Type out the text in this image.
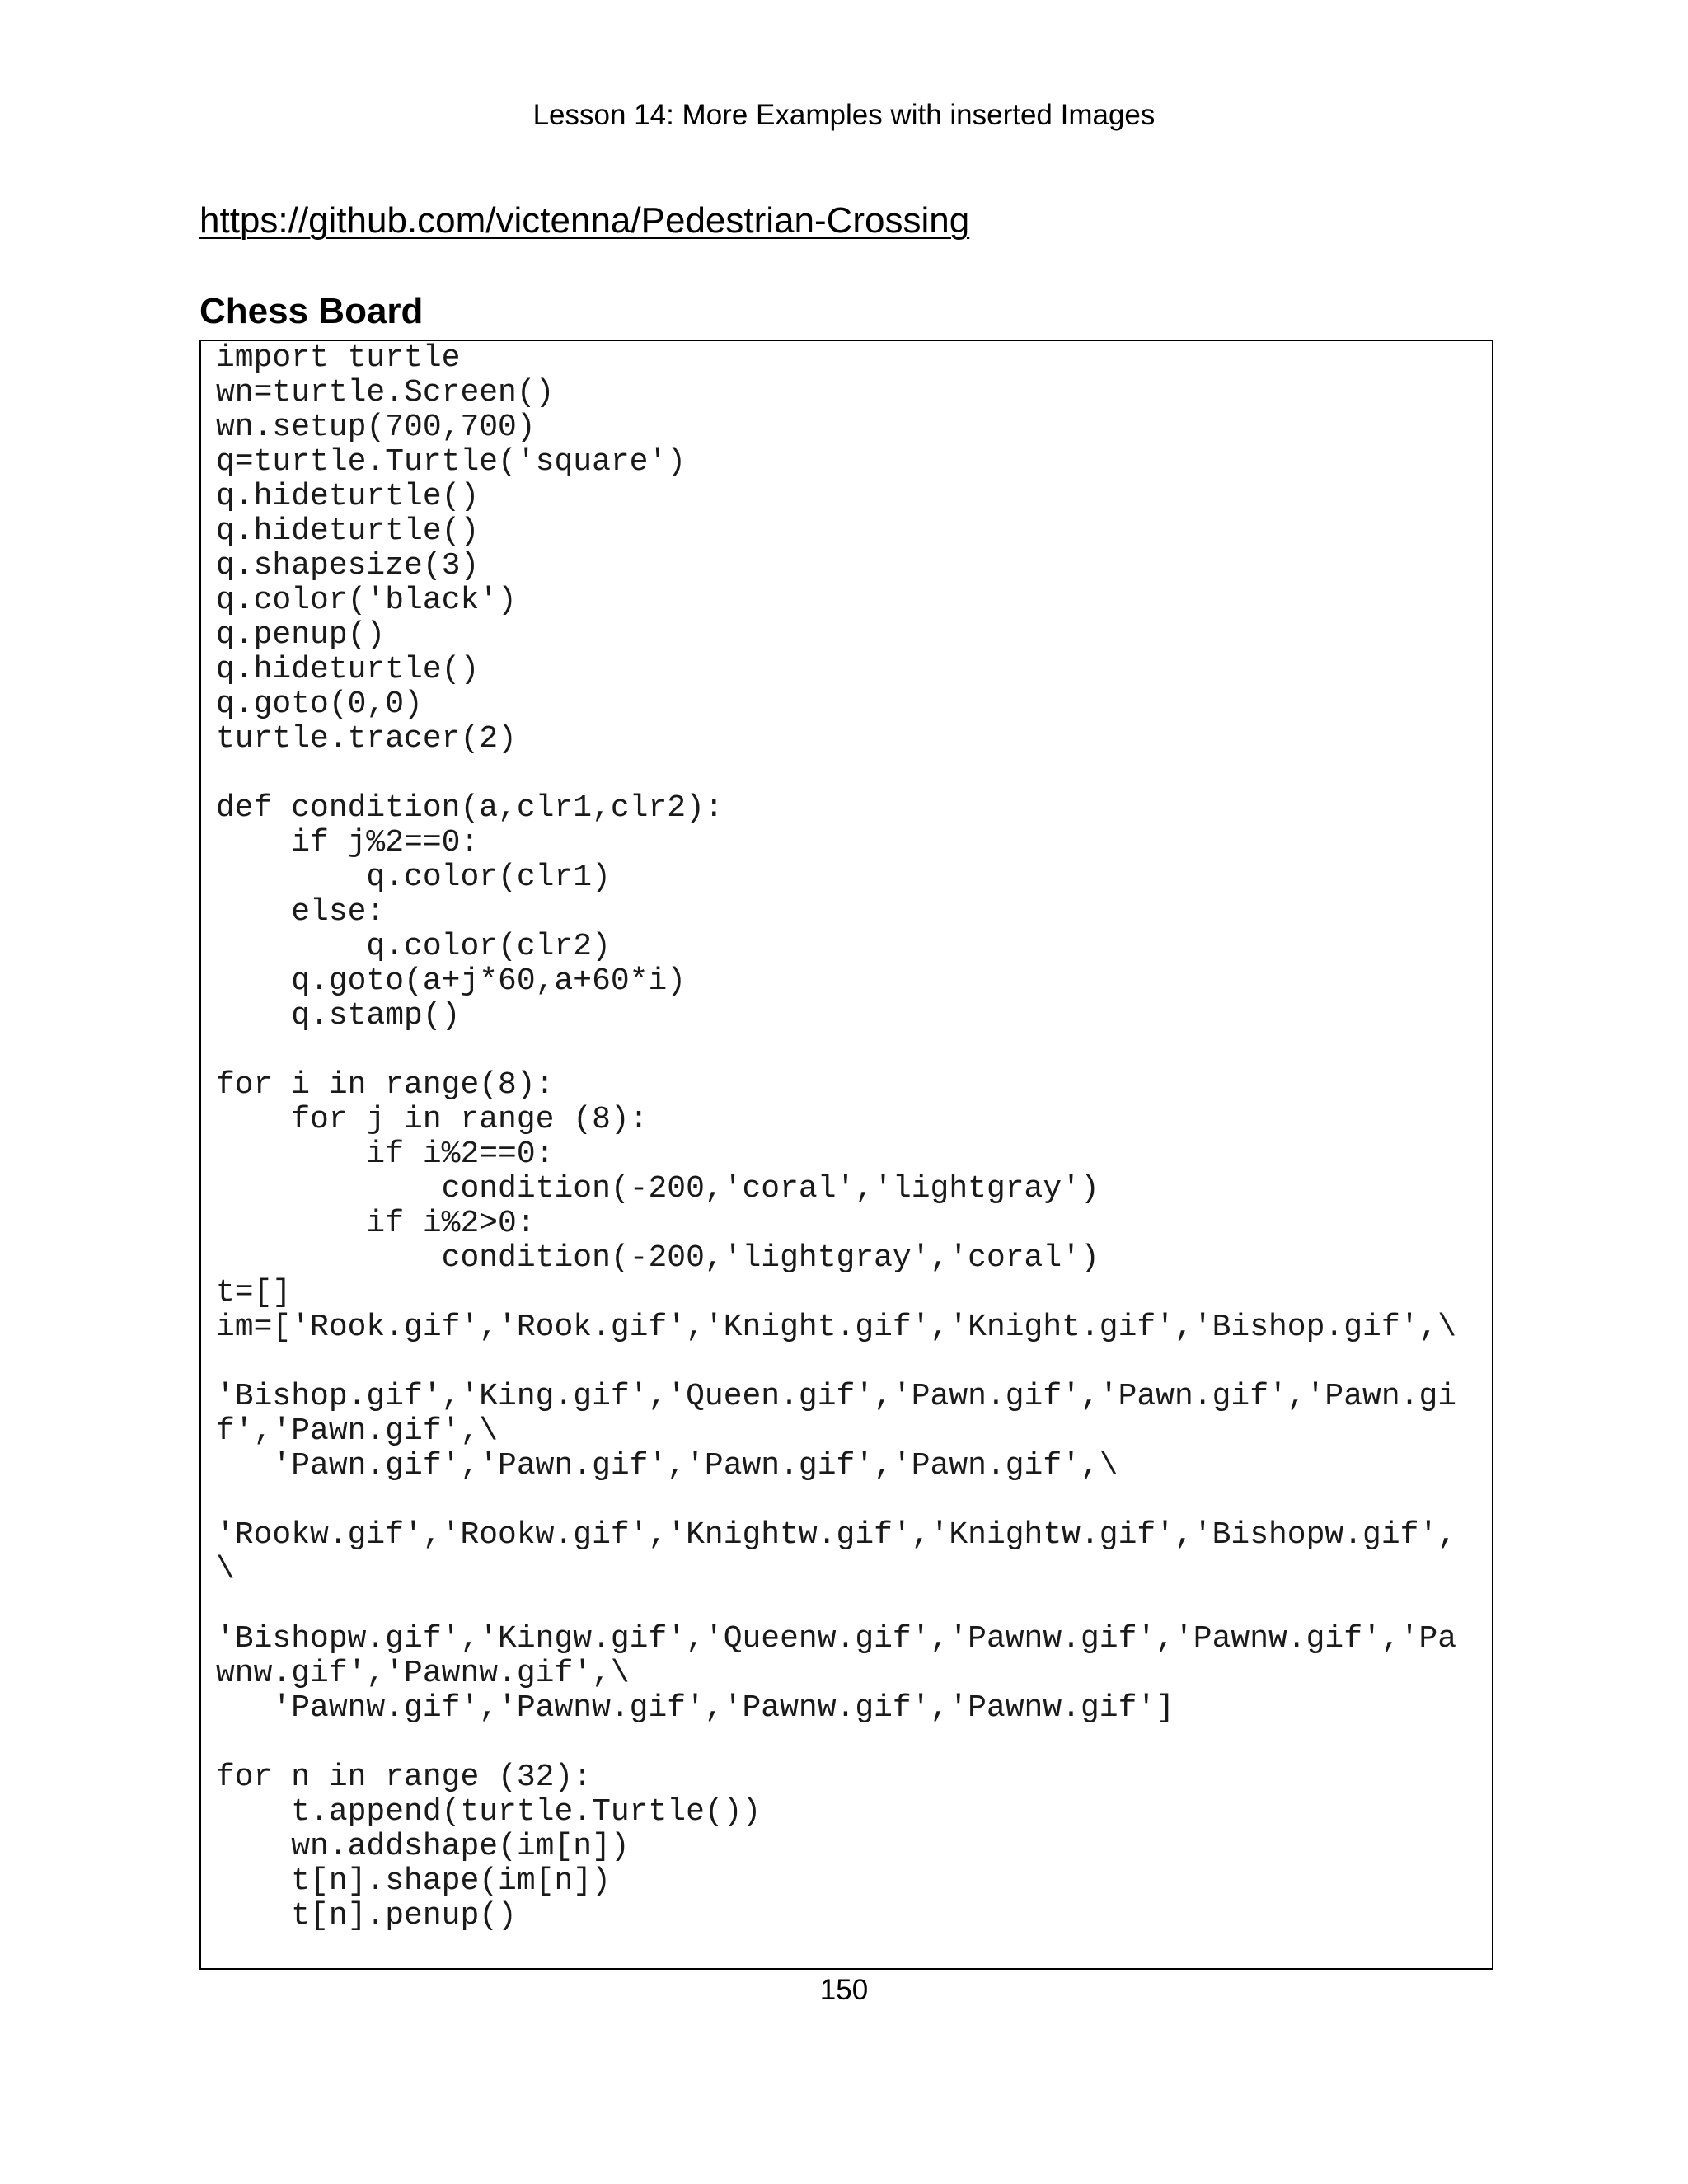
Lesson 14: More Examples with inserted Images
https://github.com/victenna/Pedestrian-Crossing
Chess Board
import turtle
wn=turtle.Screen()
wn.setup(700,700)
q=turtle.Turtle('square')
q.hideturtle()
q.hideturtle()
q.shapesize(3)
q.color('black')
q.penup()
q.hideturtle()
q.goto(0,0)
turtle.tracer(2)
def condition(a,clr1,clr2):
if j%2==0:
q.color(clr1)
else:
q.color(clr2)
q.goto(a+j*60,a+60*i)
q.stamp()
for i in range(8):
for j in range (8):
if i%2==0:
condition(-200,'coral','lightgray')
if i%2>0:
condition(-200,'lightgray','coral')
t=[]
im=['Rook.gif','Rook.gif','Knight.gif','Knight.gif','Bishop.gif',\
'Bishop.gif','King.gif','Queen.gif','Pawn.gif','Pawn.gif','Pawn.gi
f','Pawn.gif',\
'Pawn.gif','Pawn.gif','Pawn.gif','Pawn.gif',\
'Rookw.gif','Rookw.gif','Knightw.gif','Knightw.gif','Bishopw.gif',
\
'Bishopw.gif','Kingw.gif','Queenw.gif','Pawnw.gif','Pawnw.gif','Pa
wnw.gif','Pawnw.gif',\
'Pawnw.gif','Pawnw.gif','Pawnw.gif','Pawnw.gif']
for n in range (32):
t.append(turtle.Turtle())
wn.addshape(im[n])
t[n].shape(im[n])
t[n].penup()
150
